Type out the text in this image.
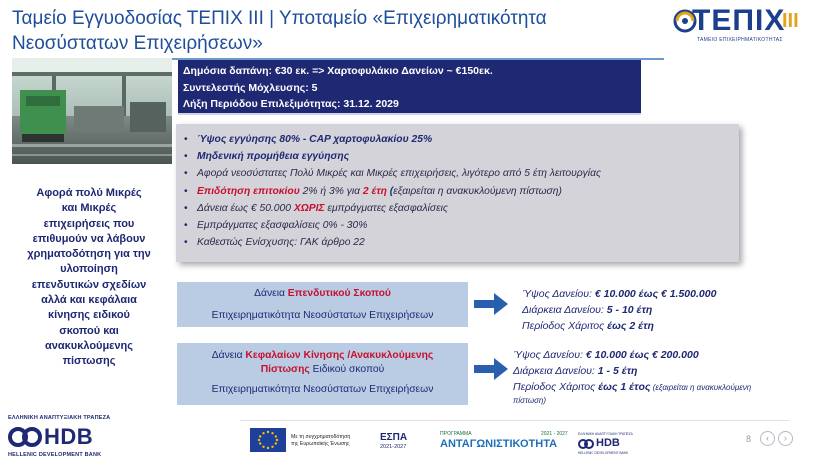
Ταμείο Εγγυοδοσίας ΤΕΠΙΧ ΙΙΙ | Υποταμείο «Επιχειρηματικότητα
Νεοσύστατων Επιχειρήσεων»
ΤΕΠΙΧ
III
ΤΑΜΕΙΟ ΕΠΙΧΕΙΡΗΜΑΤΙΚΟΤΗΤΑΣ
Δημόσια δαπάνη: €30 εκ. => Χαρτοφυλάκιο Δανείων ~ €150εκ.
Συντελεστής Μόχλευσης: 5
Λήξη Περιόδου Επιλεξιμότητας: 31.12. 2029
• Ύψος εγγύησης 80% - CAP χαρτοφυλακίου 25%
• Μηδενική προμήθεια εγγύησης
• Αφορά νεοσύστατες Πολύ Μικρές και Μικρές επιχειρήσεις, λιγότερο από 5 έτη λειτουργίας
• Επιδότηση επιτοκίου 2% ή 3% για 2 έτη (εξαιρείται η ανακυκλούμενη πίστωση)
• Δάνεια έως € 50.000 ΧΩΡΙΣ εμπράγματες εξασφαλίσεις
• Εμπράγματες εξασφαλίσεις 0% - 30%
• Καθεστώς Ενίσχυσης: ΓΑΚ άρθρο 22
Αφορά πολύ Μικρές
και Μικρές
επιχειρήσεις που
επιθυμούν να λάβουν
χρηματοδότηση για την
υλοποίηση
επενδυτικών σχεδίων
αλλά και κεφάλαια
κίνησης ειδικού
σκοπού και
ανακυκλούμενης
πίστωσης
Δάνεια Επενδυτικού Σκοπού
Επιχειρηματικότητα Νεοσύστατων Επιχειρήσεων
Ύψος Δανείου: € 10.000 έως € 1.500.000
Διάρκεια Δανείου: 5 - 10 έτη
Περίοδος Χάριτος έως 2 έτη
Δάνεια Κεφαλαίων Κίνησης /Ανακυκλούμενης
Πίστωσης Ειδικού σκοπού
Επιχειρηματικότητα Νεοσύστατων Επιχειρήσεων
Ύψος Δανείου: € 10.000 έως € 200.000
Διάρκεια Δανείου: 1 - 5 έτη
Περίοδος Χάριτος έως 1 έτος (εξαιρείται η ανακυκλούμενη
πίστωση)
ΕΛΛΗΝΙΚΗ ΑΝΑΠΤΥΞΙΑΚΗ ΤΡΑΠΕΖΑ
HDB
HELLENIC DEVELOPMENT BANK
Με τη συγχρηματοδότηση
της Ευρωπαϊκής Ένωσης
ΕΣΠΑ
2021-2027
ΠΡΟΓΡΑΜΜΑ	2021 - 2027
ΑΝΤΑΓΩΝΙΣΤΙΚΟΤΗΤΑ
ΕΛΛΗΝΙΚΗ ΑΝΑΠΤΥΞΙΑΚΗ ΤΡΑΠΕΖΑ
HDB
HELLENIC DEVELOPMENT BANK
8	‹	›
